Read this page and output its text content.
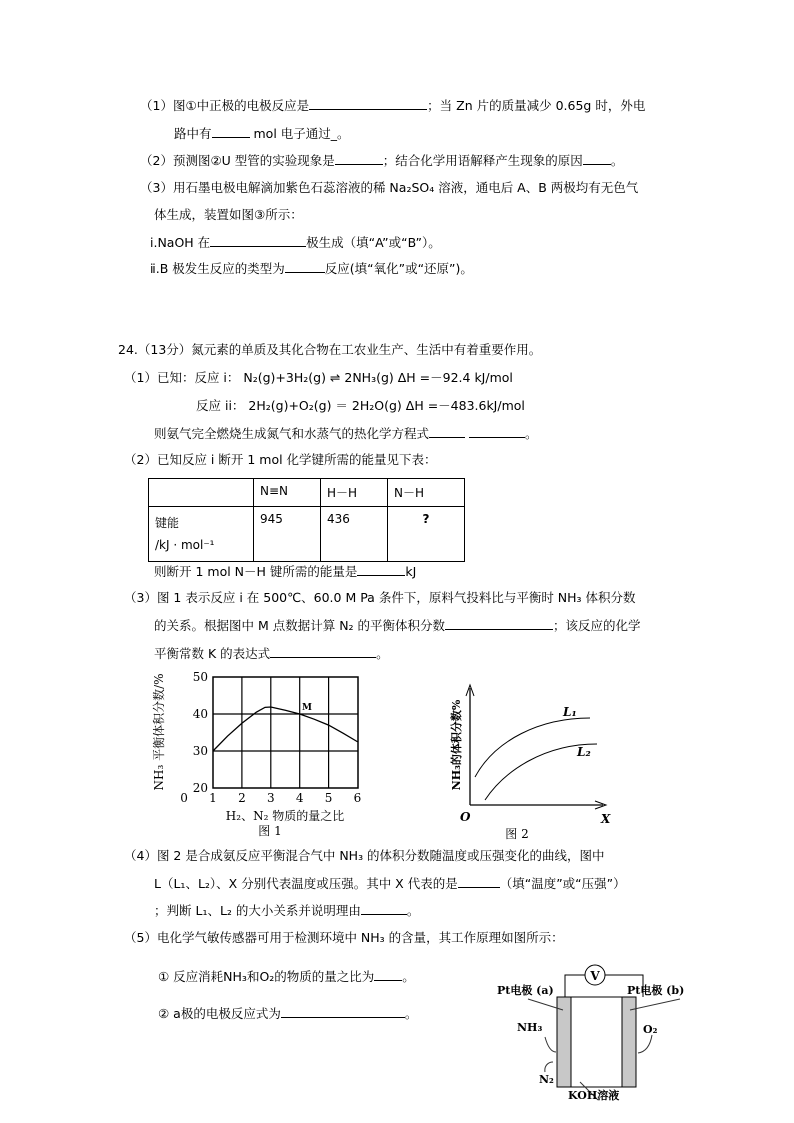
（1）图①中正极的电极反应是	；当 Zn 片的质量减少 0.65g 时，外电
路中有	mol 电子通过_。
（2）预测图②U 型管的实验现象是	；结合化学用语解释产生现象的原因 。
（3）用石墨电极电解滴加紫色石蕊溶液的稀 Na₂SO₄ 溶液，通电后 A、B 两极均有无色气
体生成，装置如图③所示：
ⅰ.NaOH 在	极生成（填“A”或“B”）。
ⅱ.B 极发生反应的类型为	反应(填“氧化”或“还原”)。
24.（13分）氮元素的单质及其化合物在工农业生产、生活中有着重要作用。
（1）已知：反应 i： N₂(g)+3H₂(g) ⇌ 2NH₃(g) ΔH =－92.4 kJ/mol
反应 ii： 2H₂(g)+O₂(g) ＝ 2H₂O(g) ΔH =－483.6kJ/mol
则氨气完全燃烧生成氮气和水蒸气的热化学方程式	。
（2）已知反应 i 断开 1 mol 化学键所需的能量见下表：
	N≡N	H－H	N－H

键能
/kJ · mol⁻¹	945	436	?
则断开 1 mol N－H 键所需的能量是	kJ
（3）图 1 表示反应 i 在 500℃、60.0 M Pa 条件下，原料气投料比与平衡时 NH₃ 体积分数
的关系。根据图中 M 点数据计算 N₂ 的平衡体积分数	；该反应的化学
平衡常数 K 的表达式	。
M
0 1 2 3 4 5 6
50
40
30
20
H₂、N₂ 物质的量之比
图 1
NH₃ 平衡体积分数/%	L₁
L₂
O	X
图 2
NH₃的体积分数%
V
Pt电极 (a)	Pt电极 (b)
NH₃	O₂
N₂
KOH溶液
（4）图 2 是合成氨反应平衡混合气中 NH₃ 的体积分数随温度或压强变化的曲线，图中
L（L₁、L₂）、X 分别代表温度或压强。其中 X 代表的是	（填“温度”或“压强”）
；判断 L₁、L₂ 的大小关系并说明理由	。
（5）电化学气敏传感器可用于检测环境中 NH₃ 的含量，其工作原理如图所示：
① 反应消耗NH₃和O₂的物质的量之比为 。
② a极的电极反应式为	。
